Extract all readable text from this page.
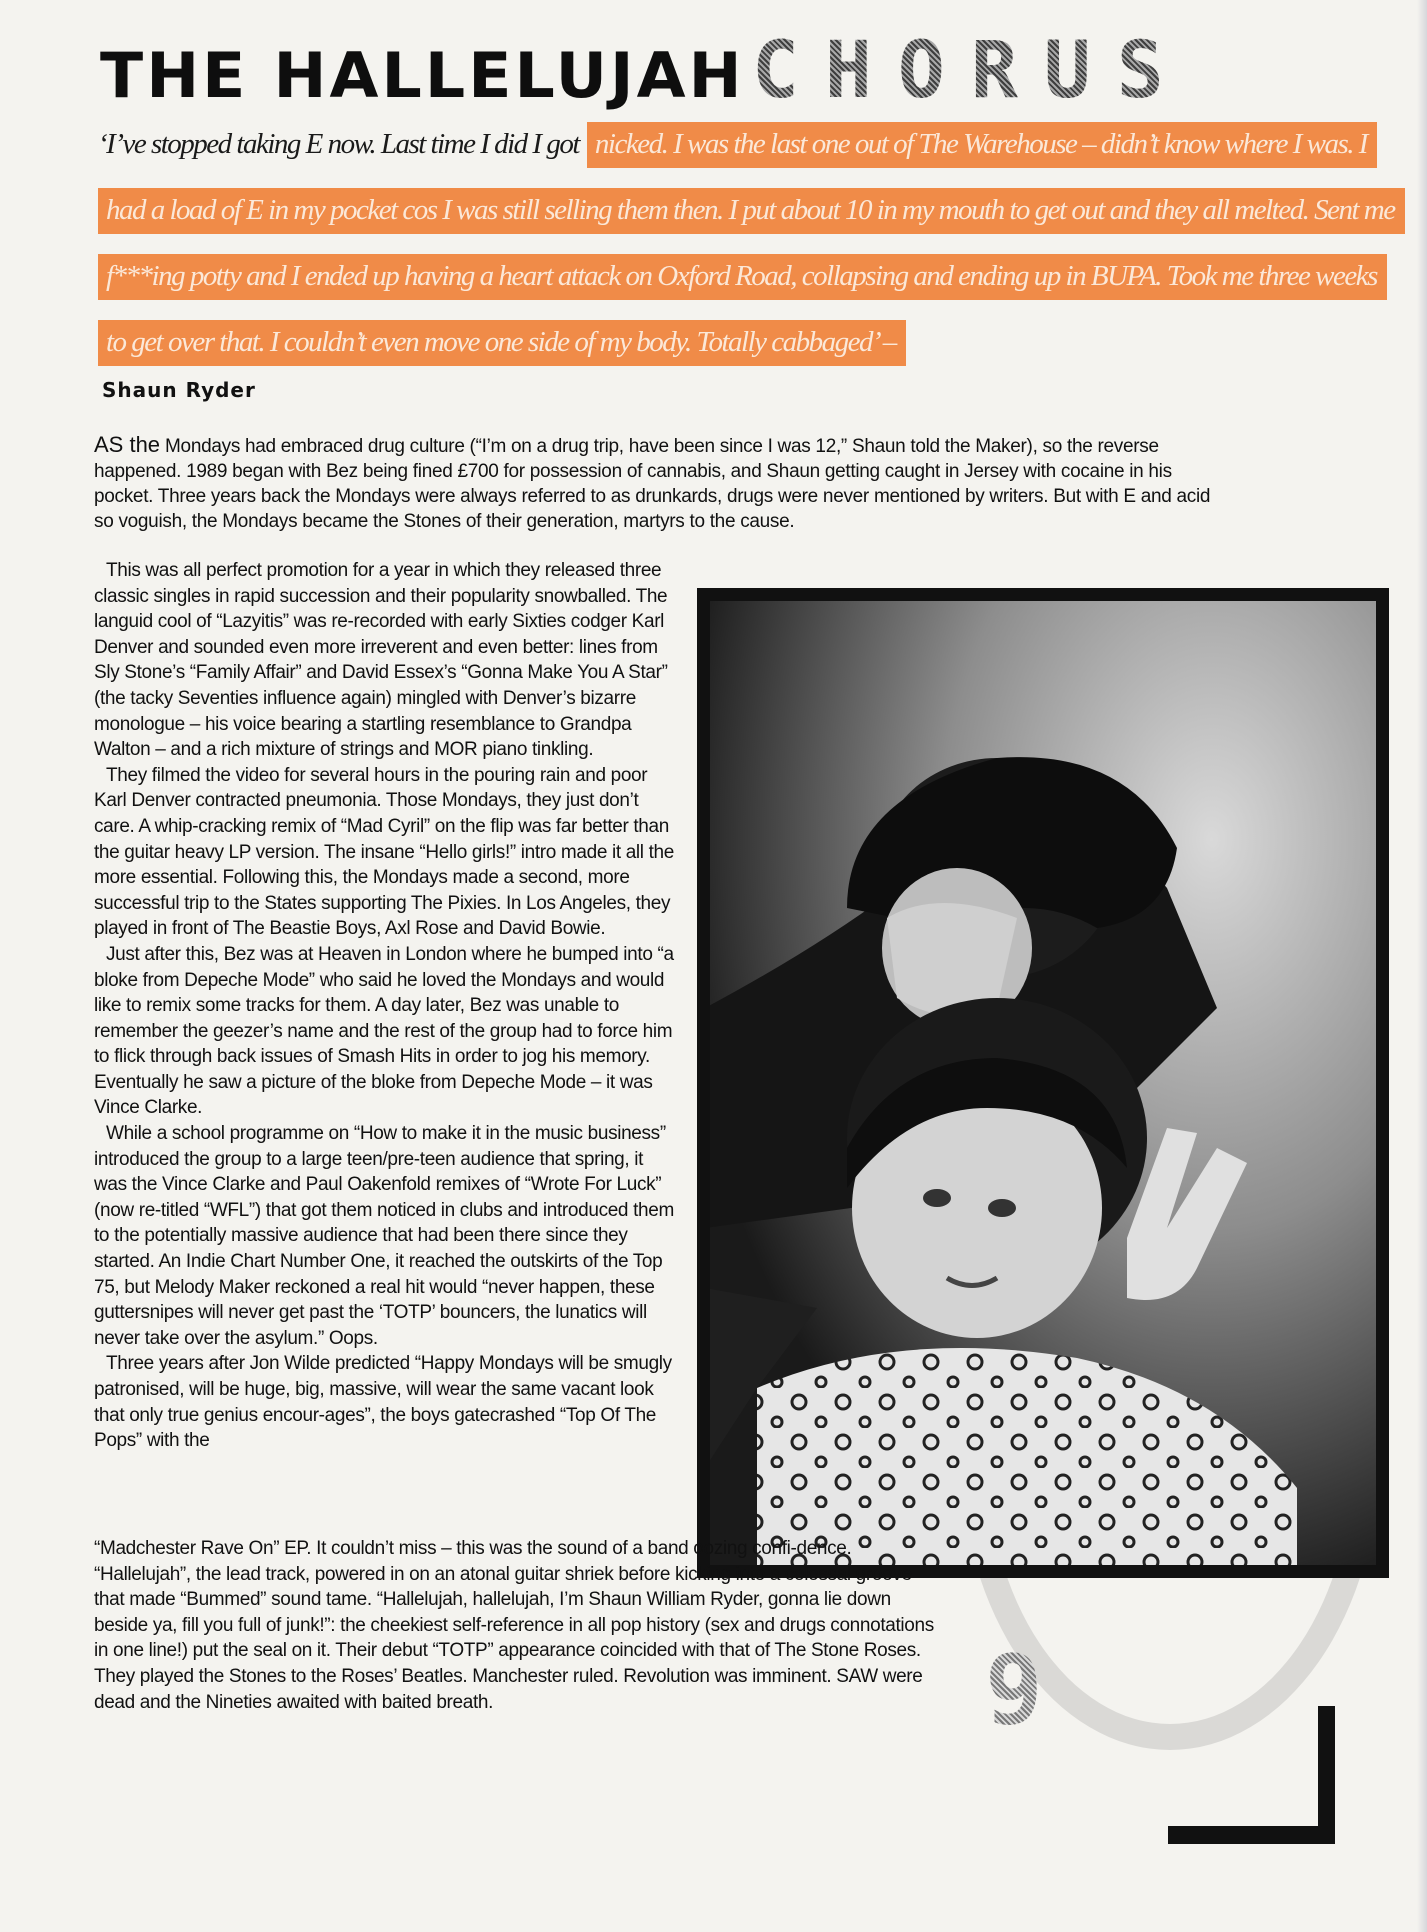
THE HALLELUJAH CHORUS
‘I’ve stopped taking E now. Last time I did I got nicked. I was the last one out of The Warehouse – didn’t know where I was. I
had a load of E in my pocket cos I was still selling them then. I put about 10 in my mouth to get out and they all melted. Sent me
f***ing potty and I ended up having a heart attack on Oxford Road, collapsing and ending up in BUPA. Took me three weeks
to get over that. I couldn’t even move one side of my body. Totally cabbaged’ –
Shaun Ryder
AS the Mondays had embraced drug culture (“I’m on a drug trip, have been since I was 12,” Shaun told the Maker), so the reverse happened. 1989 began with Bez being fined £700 for possession of cannabis, and Shaun getting caught in Jersey with cocaine in his pocket. Three years back the Mondays were always referred to as drunkards, drugs were never mentioned by writers. But with E and acid so voguish, the Mondays became the Stones of their generation, martyrs to the cause.

This was all perfect promotion for a year in which they released three classic singles in rapid succession and their popularity snowballed. The languid cool of “Lazyitis” was re-recorded with early Sixties codger Karl Denver and sounded even more irreverent and even better: lines from Sly Stone’s “Family Affair” and David Essex’s “Gonna Make You A Star” (the tacky Seventies influence again) mingled with Denver’s bizarre monologue – his voice bearing a startling resemblance to Grandpa Walton – and a rich mixture of strings and MOR piano tinkling.

They filmed the video for several hours in the pouring rain and poor Karl Denver contracted pneumonia. Those Mondays, they just don’t care. A whip-cracking remix of “Mad Cyril” on the flip was far better than the guitar heavy LP version. The insane “Hello girls!” intro made it all the more essential. Following this, the Mondays made a second, more successful trip to the States supporting The Pixies. In Los Angeles, they played in front of The Beastie Boys, Axl Rose and David Bowie.

Just after this, Bez was at Heaven in London where he bumped into “a bloke from Depeche Mode” who said he loved the Mondays and would like to remix some tracks for them. A day later, Bez was unable to remember the geezer’s name and the rest of the group had to force him to flick through back issues of Smash Hits in order to jog his memory. Eventually he saw a picture of the bloke from Depeche Mode – it was Vince Clarke.

While a school programme on “How to make it in the music business” introduced the group to a large teen/pre-teen audience that spring, it was the Vince Clarke and Paul Oakenfold remixes of “Wrote For Luck” (now re-titled “WFL”) that got them noticed in clubs and introduced them to the potentially massive audience that had been there since they started. An Indie Chart Number One, it reached the outskirts of the Top 75, but Melody Maker reckoned a real hit would “never happen, these guttersnipes will never get past the ‘TOTP’ bouncers, the lunatics will never take over the asylum.” Oops.

Three years after Jon Wilde predicted “Happy Mondays will be smugly patronised, will be huge, big, massive, will wear the same vacant look that only true genius encour-ages”, the boys gatecrashed “Top Of The Pops” with the

“Madchester Rave On” EP. It couldn’t miss – this was the sound of a band oozing confi-dence. “Hallelujah”, the lead track, powered in on an atonal guitar shriek before kicking into a colossal groove that made “Bummed” sound tame. “Hallelujah, hallelujah, I’m Shaun William Ryder, gonna lie down beside ya, fill you full of junk!”: the cheekiest self-reference in all pop history (sex and drugs connotations in one line!) put the seal on it. Their debut “TOTP” appearance coincided with that of The Stone Roses. They played the Stones to the Roses’ Beatles. Manchester ruled. Revolution was imminent. SAW were dead and the Nineties awaited with baited breath.	9
